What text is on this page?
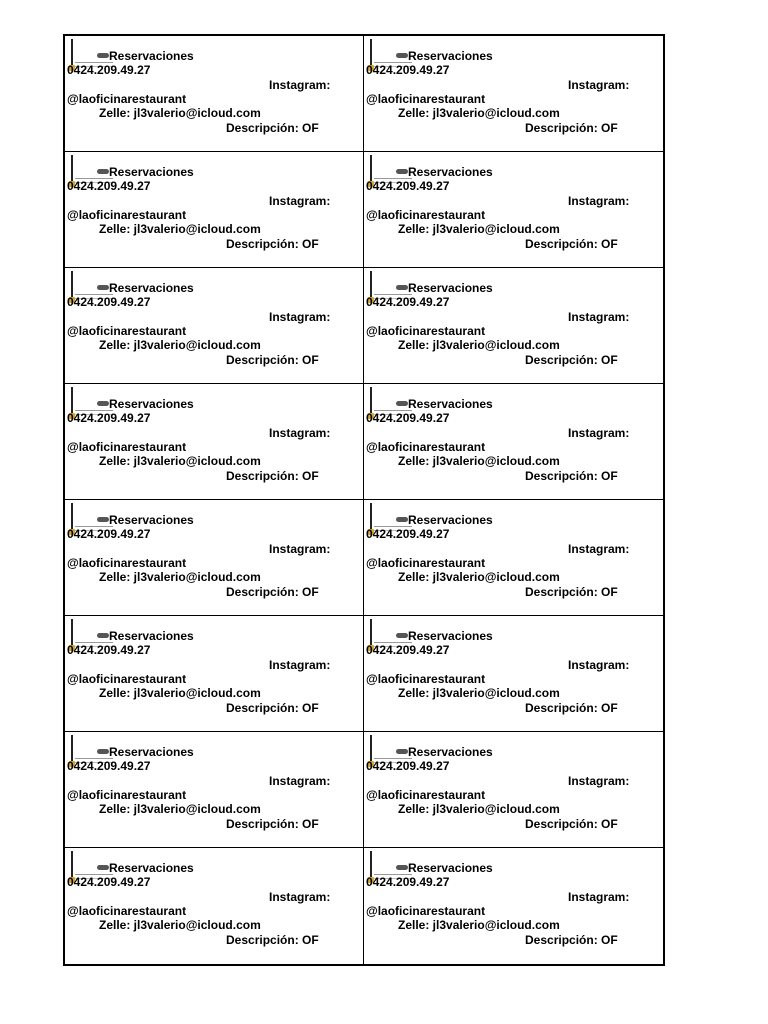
Reservaciones
0424.209.49.27
Instagram:
@laoficinarestaurant
Zelle: jl3valerio@icloud.com
Descripción: OF
Reservaciones
0424.209.49.27
Instagram:
@laoficinarestaurant
Zelle: jl3valerio@icloud.com
Descripción: OF
Reservaciones
0424.209.49.27
Instagram:
@laoficinarestaurant
Zelle: jl3valerio@icloud.com
Descripción: OF
Reservaciones
0424.209.49.27
Instagram:
@laoficinarestaurant
Zelle: jl3valerio@icloud.com
Descripción: OF
Reservaciones
0424.209.49.27
Instagram:
@laoficinarestaurant
Zelle: jl3valerio@icloud.com
Descripción: OF
Reservaciones
0424.209.49.27
Instagram:
@laoficinarestaurant
Zelle: jl3valerio@icloud.com
Descripción: OF
Reservaciones
0424.209.49.27
Instagram:
@laoficinarestaurant
Zelle: jl3valerio@icloud.com
Descripción: OF
Reservaciones
0424.209.49.27
Instagram:
@laoficinarestaurant
Zelle: jl3valerio@icloud.com
Descripción: OF
Reservaciones
0424.209.49.27
Instagram:
@laoficinarestaurant
Zelle: jl3valerio@icloud.com
Descripción: OF
Reservaciones
0424.209.49.27
Instagram:
@laoficinarestaurant
Zelle: jl3valerio@icloud.com
Descripción: OF
Reservaciones
0424.209.49.27
Instagram:
@laoficinarestaurant
Zelle: jl3valerio@icloud.com
Descripción: OF
Reservaciones
0424.209.49.27
Instagram:
@laoficinarestaurant
Zelle: jl3valerio@icloud.com
Descripción: OF
Reservaciones
0424.209.49.27
Instagram:
@laoficinarestaurant
Zelle: jl3valerio@icloud.com
Descripción: OF
Reservaciones
0424.209.49.27
Instagram:
@laoficinarestaurant
Zelle: jl3valerio@icloud.com
Descripción: OF
Reservaciones
0424.209.49.27
Instagram:
@laoficinarestaurant
Zelle: jl3valerio@icloud.com
Descripción: OF
Reservaciones
0424.209.49.27
Instagram:
@laoficinarestaurant
Zelle: jl3valerio@icloud.com
Descripción: OF
